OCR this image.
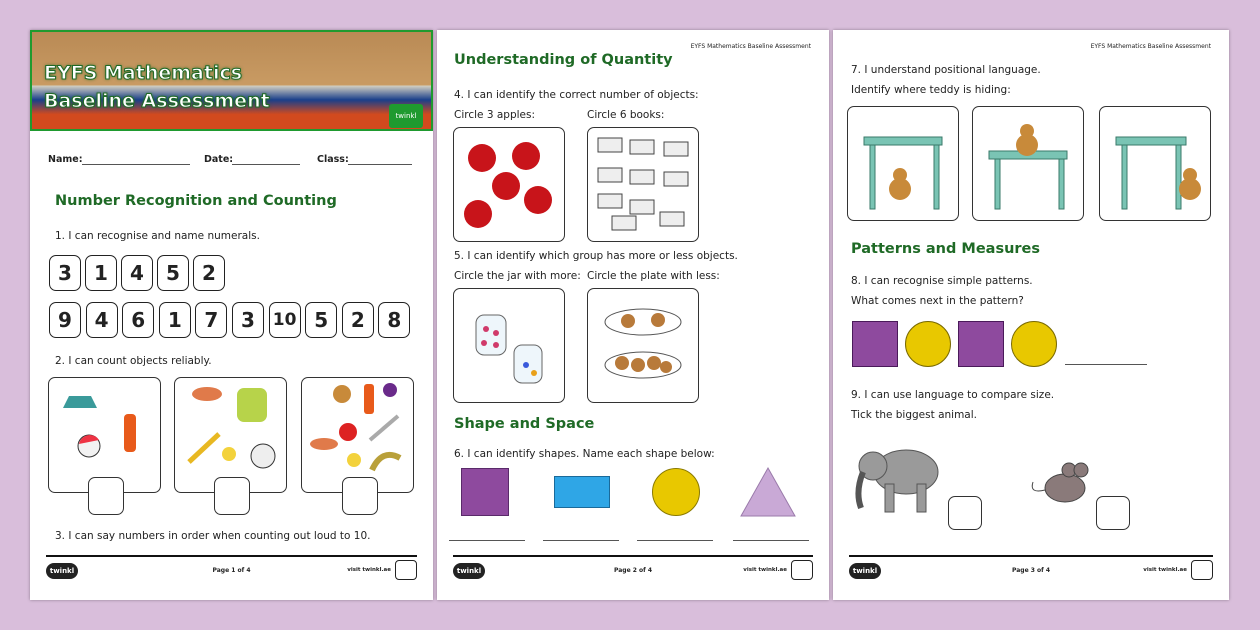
EYFS Mathematics
Baseline Assessment
twinkl
Name:	Date:	Class:
Number Recognition and Counting
1. I can recognise and name numerals.
2. I can count objects reliably.
3. I can say numbers in order when counting out loud to 10.
twinkl	Page 1 of 4	visit twinkl.ae
3	1	4	5	2
9	4	6	1	7	3	10 5	2	8
EYFS Mathematics Baseline Assessment
Understanding of Quantity
4. I can identify the correct number of objects:
Circle 3 apples:	Circle 6 books:
5. I can identify which group has more or less objects.
Circle the jar with more: Circle the plate with less:
Shape and Space
6. I can identify shapes. Name each shape below:
twinkl	Page 2 of 4	visit twinkl.ae
EYFS Mathematics Baseline Assessment
7. I understand positional language.
Identify where teddy is hiding:
Patterns and Measures
8. I can recognise simple patterns.
What comes next in the pattern?
9. I can use language to compare size.
Tick the biggest animal.
twinkl	Page 3 of 4	visit twinkl.ae
